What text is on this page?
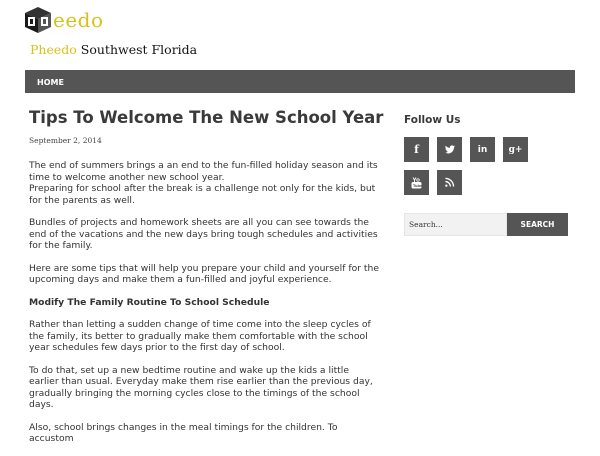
eedo
Pheedo Southwest Florida
HOME
Tips To Welcome The New School Year
September 2, 2014

The end of summers brings a an end to the fun-filled holiday season and its time to welcome another new school year.

Preparing for school after the break is a challenge not only for the kids, but for the parents as well.

Bundles of projects and homework sheets are all you can see towards the end of the vacations and the new days bring tough schedules and activities for the family.

Here are some tips that will help you prepare your child and yourself for the upcoming days and make them a fun-filled and joyful experience.

Modify The Family Routine To School Schedule

Rather than letting a sudden change of time come into the sleep cycles of the family, its better to gradually make them comfortable with the school year schedules few days prior to the first day of school.

To do that, set up a new bedtime routine and wake up the kids a little earlier than usual. Everyday make them rise earlier than the previous day, gradually bringing the morning cycles close to the timings of the school days.

Also, school brings changes in the meal timings for the children. To accustom

Follow Us
f	in g+
Tube
Search...
SEARCH
